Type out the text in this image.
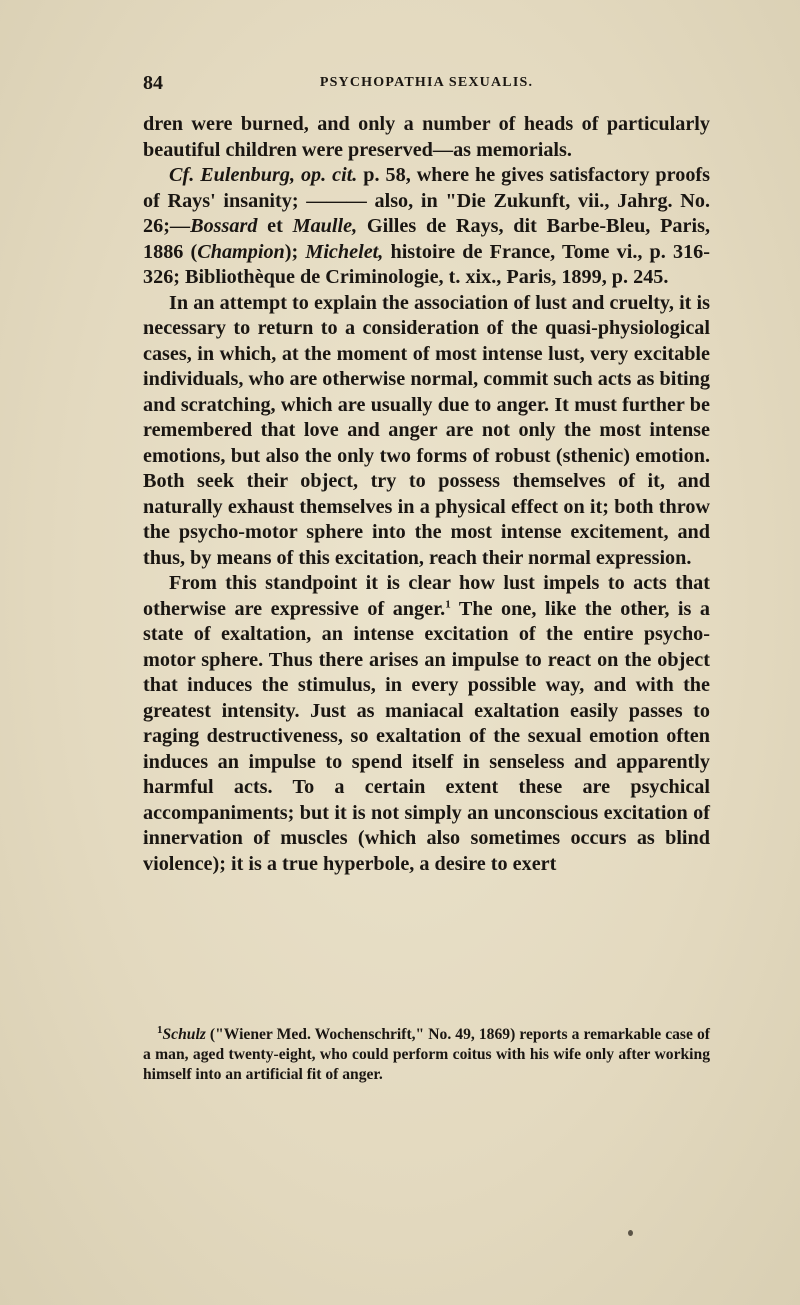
84	PSYCHOPATHIA SEXUALIS.

dren were burned, and only a number of heads of particularly beautiful children were preserved—as memorials.

Cf. Eulenburg, op. cit. p. 58, where he gives satisfactory proofs of Rays' insanity; ——— also, in "Die Zukunft, vii., Jahrg. No. 26;—Bossard et Maulle, Gilles de Rays, dit Barbe-Bleu, Paris, 1886 (Champion); Michelet, histoire de France, Tome vi., p. 316-326; Bibliothèque de Criminologie, t. xix., Paris, 1899, p. 245.

In an attempt to explain the association of lust and cruelty, it is necessary to return to a consideration of the quasi-physiological cases, in which, at the moment of most intense lust, very excitable individuals, who are otherwise normal, commit such acts as biting and scratching, which are usually due to anger. It must further be remembered that love and anger are not only the most intense emotions, but also the only two forms of robust (sthenic) emotion. Both seek their object, try to possess themselves of it, and naturally exhaust themselves in a physical effect on it; both throw the psycho-motor sphere into the most intense excitement, and thus, by means of this excitation, reach their normal expression.

From this standpoint it is clear how lust impels to acts that otherwise are expressive of anger.$^1$ The one, like the other, is a state of exaltation, an intense excitation of the entire psycho-motor sphere. Thus there arises an impulse to react on the object that induces the stimulus, in every possible way, and with the greatest intensity. Just as maniacal exaltation easily passes to raging destructiveness, so exaltation of the sexual emotion often induces an impulse to spend itself in senseless and apparently harmful acts. To a certain extent these are psychical accompaniments; but it is not simply an unconscious excitation of innervation of muscles (which also sometimes occurs as blind violence); it is a true hyperbole, a desire to exert

$^1$Schulz ("Wiener Med. Wochenschrift," No. 49, 1869) reports a remarkable case of a man, aged twenty-eight, who could perform coitus with his wife only after working himself into an artificial fit of anger.
